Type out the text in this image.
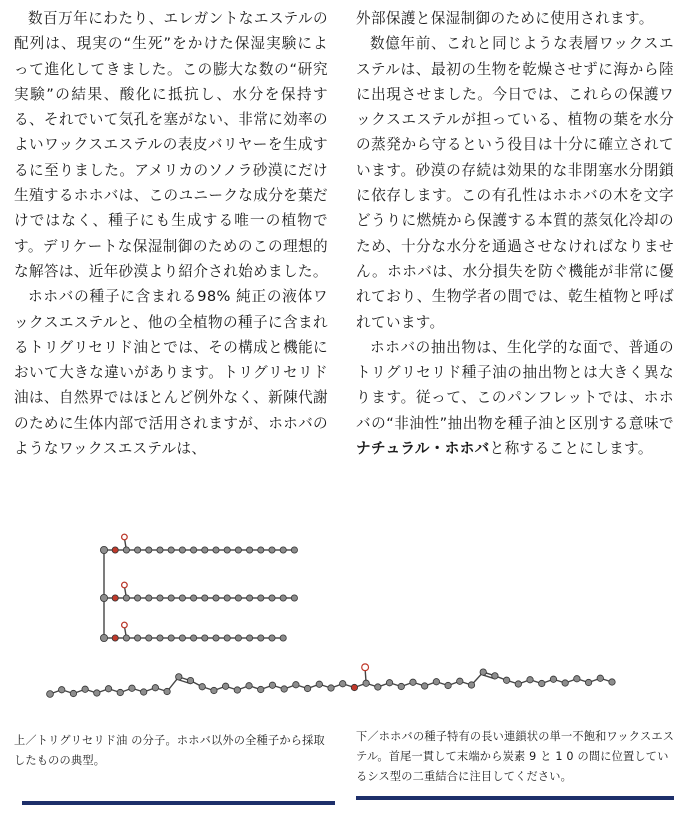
数百万年にわたり、エレガントなエステルの配列は、現実の“生死”をかけた保湿実験によって進化してきました。この膨大な数の“研究実験”の結果、酸化に抵抗し、水分を保持する、それでいて気孔を塞がない、非常に効率のよいワックスエステルの表皮バリヤーを生成するに至りました。アメリカのソノラ砂漠にだけ生殖するホホバは、このユニークな成分を葉だけではなく、種子にも生成する唯一の植物です。デリケートな保湿制御のためのこの理想的な解答は、近年砂漠より紹介され始めました。

ホホバの種子に含まれる98% 純正の液体ワックスエステルと、他の全植物の種子に含まれるトリグリセリド油とでは、その構成と機能において大きな違いがあります。トリグリセリド油は、自然界ではほとんど例外なく、新陳代謝のために生体内部で活用されますが、ホホバのようなワックスエステルは、

外部保護と保湿制御のために使用されます。

数億年前、これと同じような表層ワックスエステルは、最初の生物を乾燥させずに海から陸に出現させました。今日では、これらの保護ワックスエステルが担っている、植物の葉を水分の蒸発から守るという役目は十分に確立されています。砂漠の存続は効果的な非閉塞水分閉鎖に依存します。この有孔性はホホバの木を文字どうりに燃焼から保護する本質的蒸気化冷却のため、十分な水分を通過させなければなりません。ホホバは、水分損失を防ぐ機能が非常に優れており、生物学者の間では、乾生植物と呼ばれています。

ホホバの抽出物は、生化学的な面で、普通のトリグリセリド種子油の抽出物とは大きく異なります。従って、このパンフレットでは、ホホバの“非油性”抽出物を種子油と区別する意味でナチュラル・ホホバと称することにします。

上／トリグリセリド油 の分子。ホホバ以外の全種子から採取したものの典型。
下／ホホバの種子特有の長い連鎖状の単一不飽和ワックスエステル。首尾一貫して末端から炭素 9 と 1 0 の間に位置しているシス型の二重結合に注目してください。
